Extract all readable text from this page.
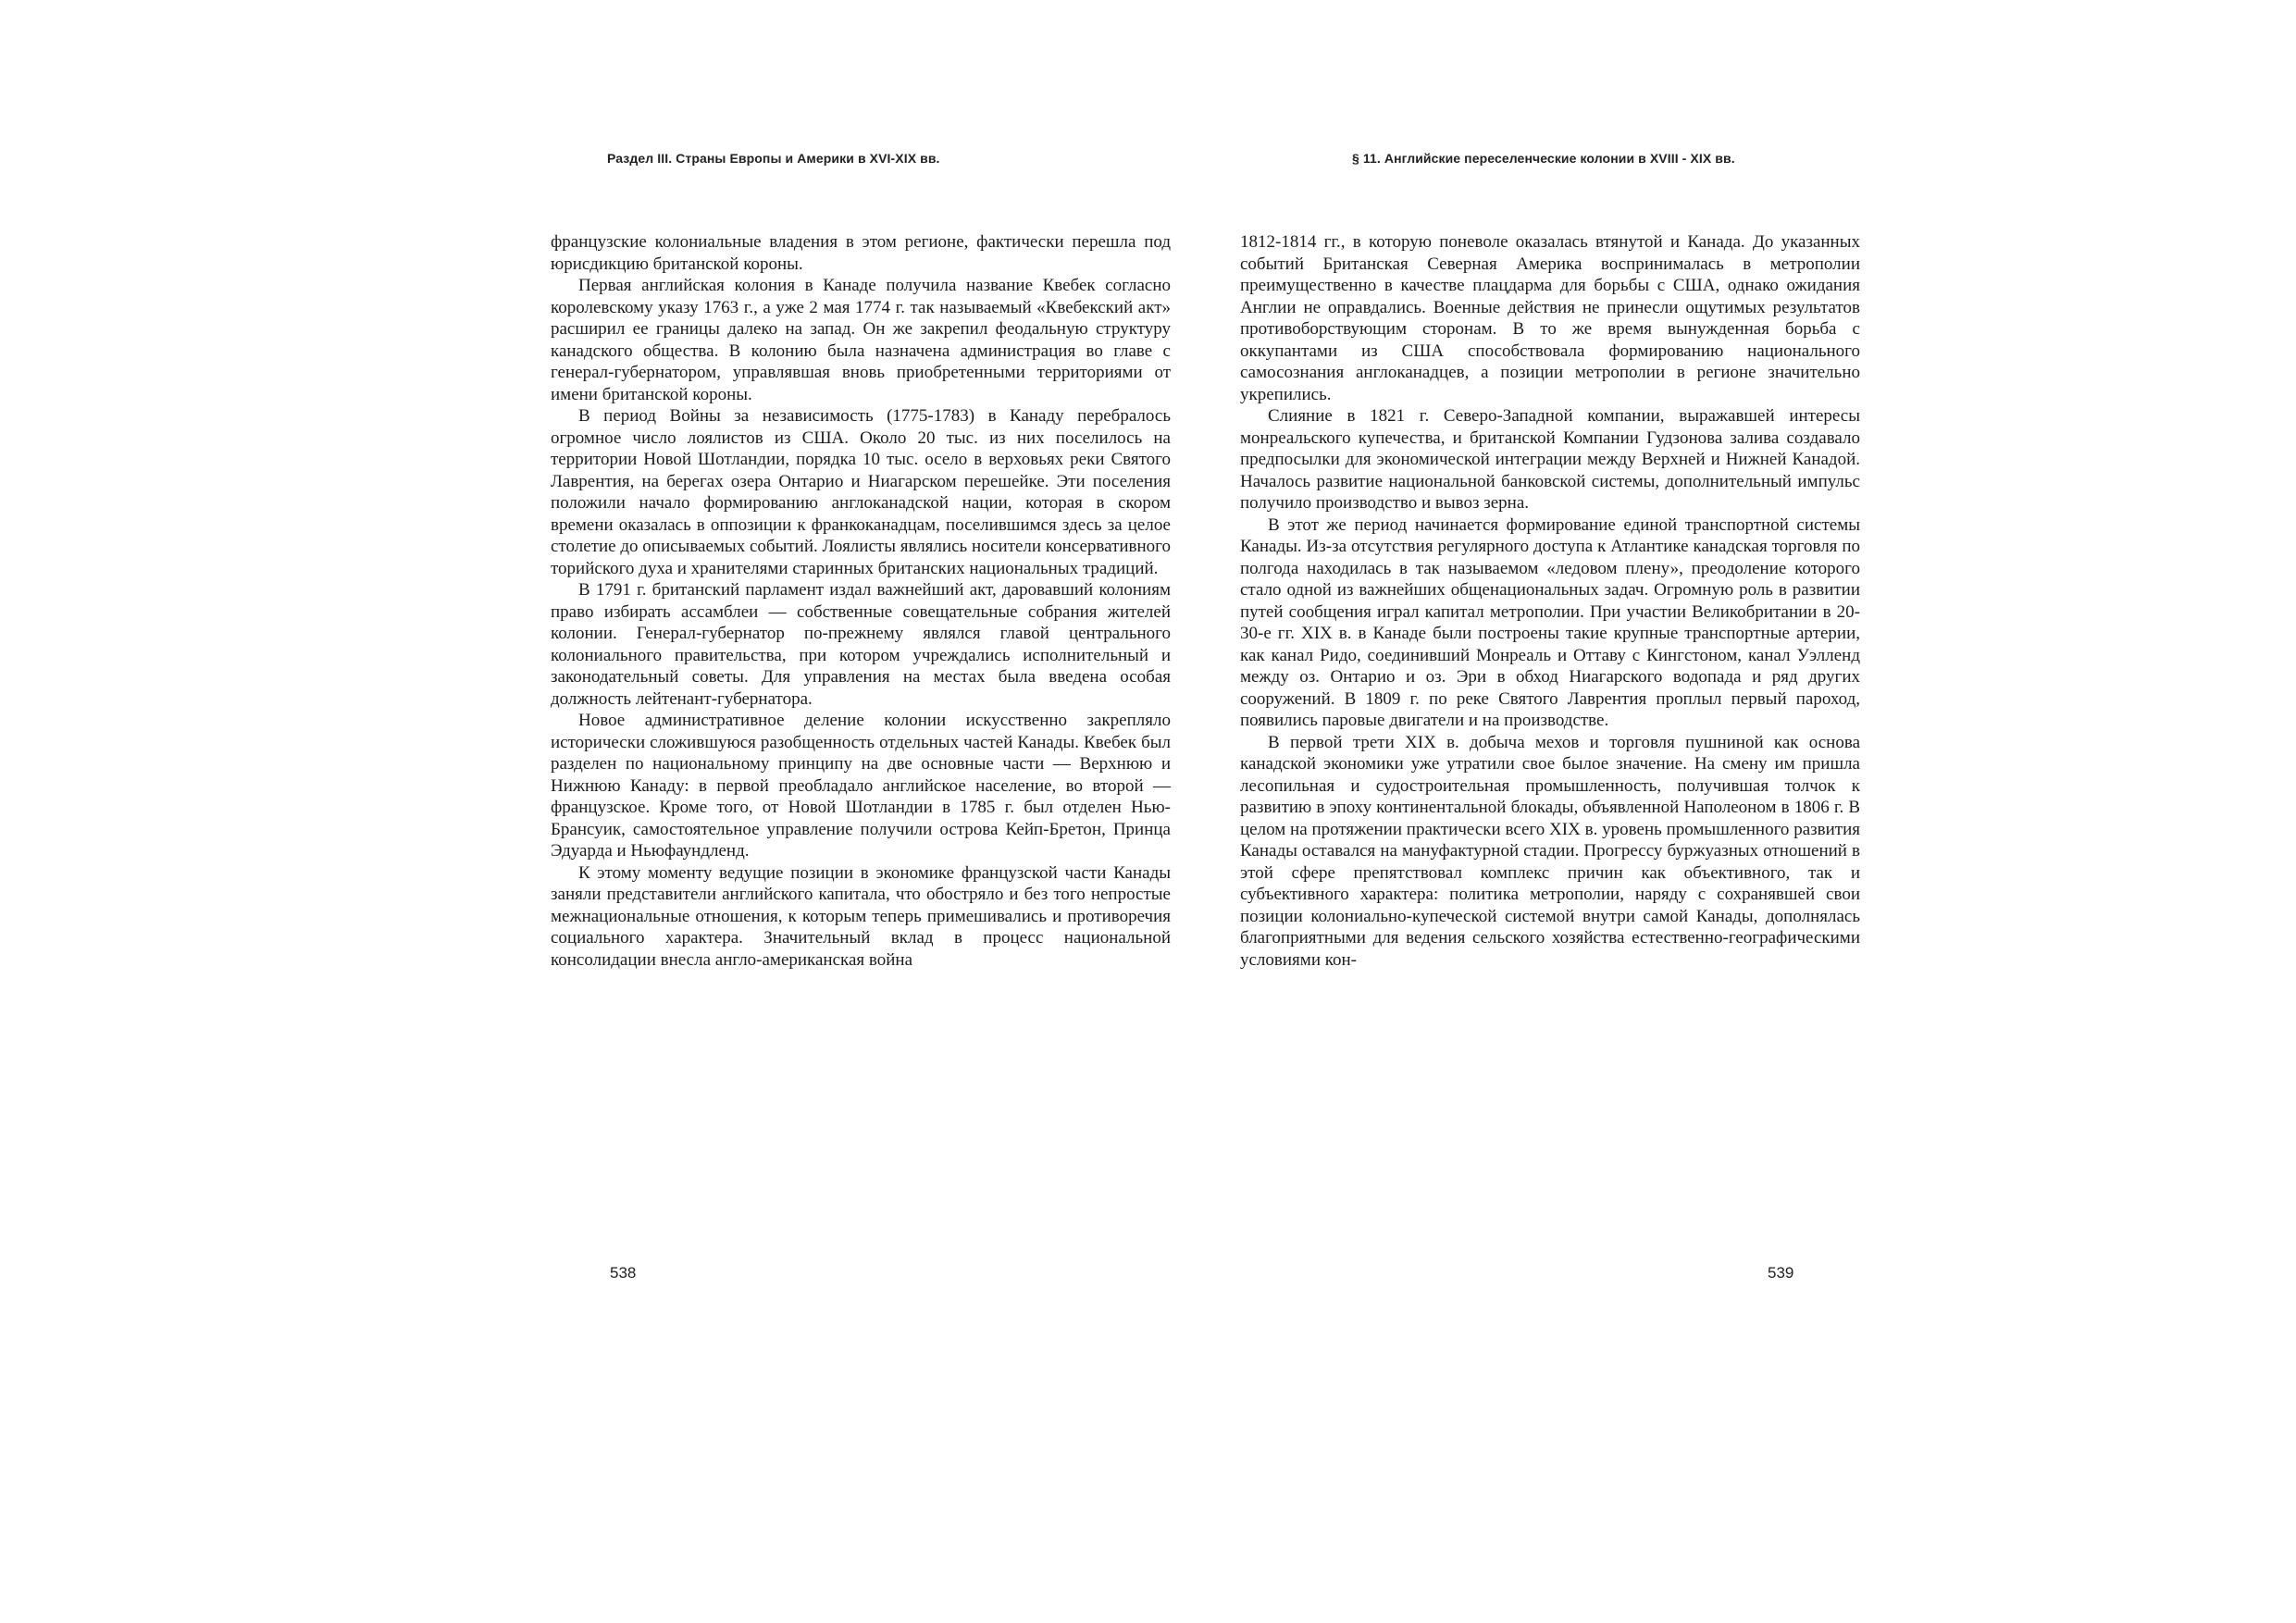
Раздел III. Страны Европы и Америки в XVI-XIX вв.

французские колониальные владения в этом регионе, фактически перешла под юрисдикцию британской короны.

Первая английская колония в Канаде получила название Квебек согласно королевскому указу 1763 г., а уже 2 мая 1774 г. так называемый «Квебекский акт» расширил ее границы далеко на запад. Он же закрепил феодальную структуру канадского общества. В колонию была назначена администрация во главе с генерал-губернатором, управлявшая вновь приобретенными территориями от имени британской короны.

В период Войны за независимость (1775-1783) в Канаду перебралось огромное число лоялистов из США. Около 20 тыс. из них поселилось на территории Новой Шотландии, порядка 10 тыс. осело в верховьях реки Святого Лаврентия, на берегах озера Онтарио и Ниагарском перешейке. Эти поселения положили начало формированию англоканадской нации, которая в скором времени оказалась в оппозиции к франкоканадцам, поселившимся здесь за целое столетие до описываемых событий. Лоялисты являлись носители консервативного торийского духа и хранителями старинных британских национальных традиций.

В 1791 г. британский парламент издал важнейший акт, даровавший колониям право избирать ассамблеи — собственные совещательные собрания жителей колонии. Генерал-губернатор по-прежнему являлся главой центрального колониального правительства, при котором учреждались исполнительный и законодательный советы. Для управления на местах была введена особая должность лейтенант-губернатора.

Новое административное деление колонии искусственно закрепляло исторически сложившуюся разобщенность отдельных частей Канады. Квебек был разделен по национальному принципу на две основные части — Верхнюю и Нижнюю Канаду: в первой преобладало английское население, во второй — французское. Кроме того, от Новой Шотландии в 1785 г. был отделен Нью-Брансуик, самостоятельное управление получили острова Кейп-Бретон, Принца Эдуарда и Ньюфаундленд.

К этому моменту ведущие позиции в экономике французской части Канады заняли представители английского капитала, что обостряло и без того непростые межнациональные отношения, к которым теперь примешивались и противоречия социального характера. Значительный вклад в процесс национальной консолидации внесла англо-американская война

538
§ 11. Английские переселенческие колонии в XVIII - XIX вв.

1812-1814 гг., в которую поневоле оказалась втянутой и Канада. До указанных событий Британская Северная Америка воспринималась в метрополии преимущественно в качестве плацдарма для борьбы с США, однако ожидания Англии не оправдались. Военные действия не принесли ощутимых результатов противоборствующим сторонам. В то же время вынужденная борьба с оккупантами из США способствовала формированию национального самосознания англоканадцев, а позиции метрополии в регионе значительно укрепились.

Слияние в 1821 г. Северо-Западной компании, выражавшей интересы монреальского купечества, и британской Компании Гудзонова залива создавало предпосылки для экономической интеграции между Верхней и Нижней Канадой. Началось развитие национальной банковской системы, дополнительный импульс получило производство и вывоз зерна.

В этот же период начинается формирование единой транспортной системы Канады. Из-за отсутствия регулярного доступа к Атлантике канадская торговля по полгода находилась в так называемом «ледовом плену», преодоление которого стало одной из важнейших общенациональных задач. Огромную роль в развитии путей сообщения играл капитал метрополии. При участии Великобритании в 20-30-е гг. XIX в. в Канаде были построены такие крупные транспортные артерии, как канал Ридо, соединивший Монреаль и Оттаву с Кингстоном, канал Уэлленд между оз. Онтарио и оз. Эри в обход Ниагарского водопада и ряд других сооружений. В 1809 г. по реке Святого Лаврентия проплыл первый пароход, появились паровые двигатели и на производстве.

В первой трети XIX в. добыча мехов и торговля пушниной как основа канадской экономики уже утратили свое былое значение. На смену им пришла лесопильная и судостроительная промышленность, получившая толчок к развитию в эпоху континентальной блокады, объявленной Наполеоном в 1806 г. В целом на протяжении практически всего XIX в. уровень промышленного развития Канады оставался на мануфактурной стадии. Прогрессу буржуазных отношений в этой сфере препятствовал комплекс причин как объективного, так и субъективного характера: политика метрополии, наряду с сохранявшей свои позиции колониально-купеческой системой внутри самой Канады, дополнялась благоприятными для ведения сельского хозяйства естественно-географическими условиями кон-

539
